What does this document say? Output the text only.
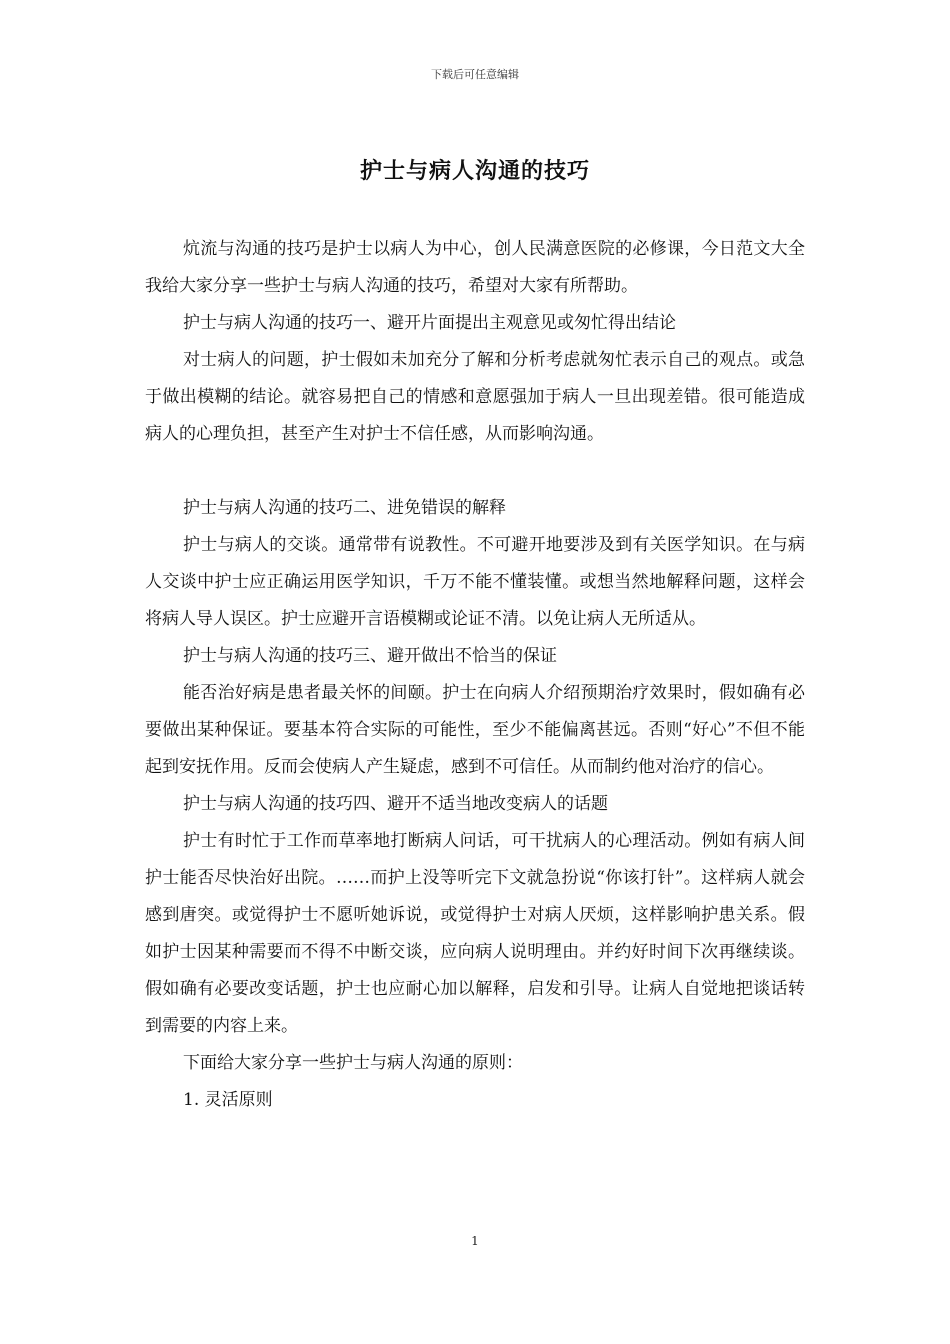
下载后可任意编辑
护士与病人沟通的技巧

炕流与沟通的技巧是护士以病人为中心，创人民满意医院的必修课，今日范文大全我给大家分享一些护士与病人沟通的技巧，希望对大家有所帮助。

护士与病人沟通的技巧一、避开片面提出主观意见或匆忙得出结论

对士病人的问题，护士假如未加充分了解和分析考虑就匆忙表示自己的观点。或急于做出模糊的结论。就容易把自己的情感和意愿强加于病人一旦出现差错。很可能造成病人的心理负担，甚至产生对护士不信任感，从而影响沟通。

护士与病人沟通的技巧二、进免错误的解释

护士与病人的交谈。通常带有说教性。不可避开地要涉及到有关医学知识。在与病人交谈中护士应正确运用医学知识，千万不能不懂装懂。或想当然地解释问题，这样会将病人导人误区。护士应避开言语模糊或论证不清。以免让病人无所适从。

护士与病人沟通的技巧三、避开做出不恰当的保证

能否治好病是患者最关怀的间颐。护士在向病人介绍预期治疗效果时，假如确有必要做出某种保证。要基本符合实际的可能性，至少不能偏离甚远。否则“好心”不但不能起到安抚作用。反而会使病人产生疑虑，感到不可信任。从而制约他对治疗的信心。

护士与病人沟通的技巧四、避开不适当地改变病人的话题

护士有时忙于工作而草率地打断病人问话，可干扰病人的心理活动。例如有病人间护士能否尽快治好出院。……而护上没等听完下文就急扮说“你该打针”。这样病人就会感到唐突。或觉得护士不愿听她诉说，或觉得护士对病人厌烦，这样影响护患关系。假如护士因某种需要而不得不中断交谈，应向病人说明理由。并约好时间下次再继续谈。假如确有必要改变话题，护士也应耐心加以解释，启发和引导。让病人自觉地把谈话转到需要的内容上来。

下面给大家分享一些护士与病人沟通的原则：

1. 灵活原则

1
